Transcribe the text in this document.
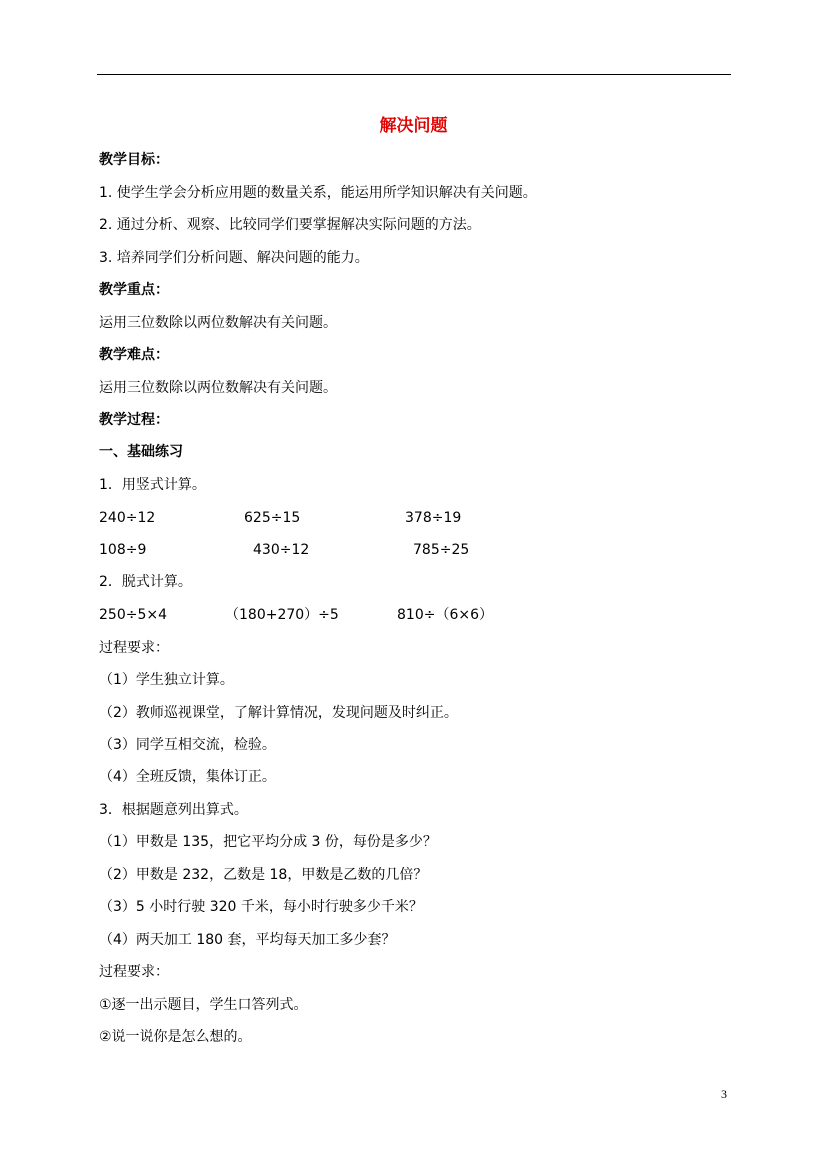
解决问题
教学目标：
1. 使学生学会分析应用题的数量关系，能运用所学知识解决有关问题。
2. 通过分析、观察、比较同学们要掌握解决实际问题的方法。
3. 培养同学们分析问题、解决问题的能力。
教学重点：
运用三位数除以两位数解决有关问题。
教学难点：
运用三位数除以两位数解决有关问题。
教学过程：
一、基础练习
1．用竖式计算。
240÷12	625÷15	378÷19
108÷9	430÷12	785÷25
2．脱式计算。
250÷5×4	（180+270）÷5	810÷（6×6）
过程要求：
（1）学生独立计算。
（2）教师巡视课堂，了解计算情况，发现问题及时纠正。
（3）同学互相交流，检验。
（4）全班反馈，集体订正。
3．根据题意列出算式。
（1）甲数是 135，把它平均分成 3 份，每份是多少？
（2）甲数是 232，乙数是 18，甲数是乙数的几倍？
（3）5 小时行驶 320 千米，每小时行驶多少千米？
（4）两天加工 180 套，平均每天加工多少套？
过程要求：
①逐一出示题目，学生口答列式。
②说一说你是怎么想的。
3
